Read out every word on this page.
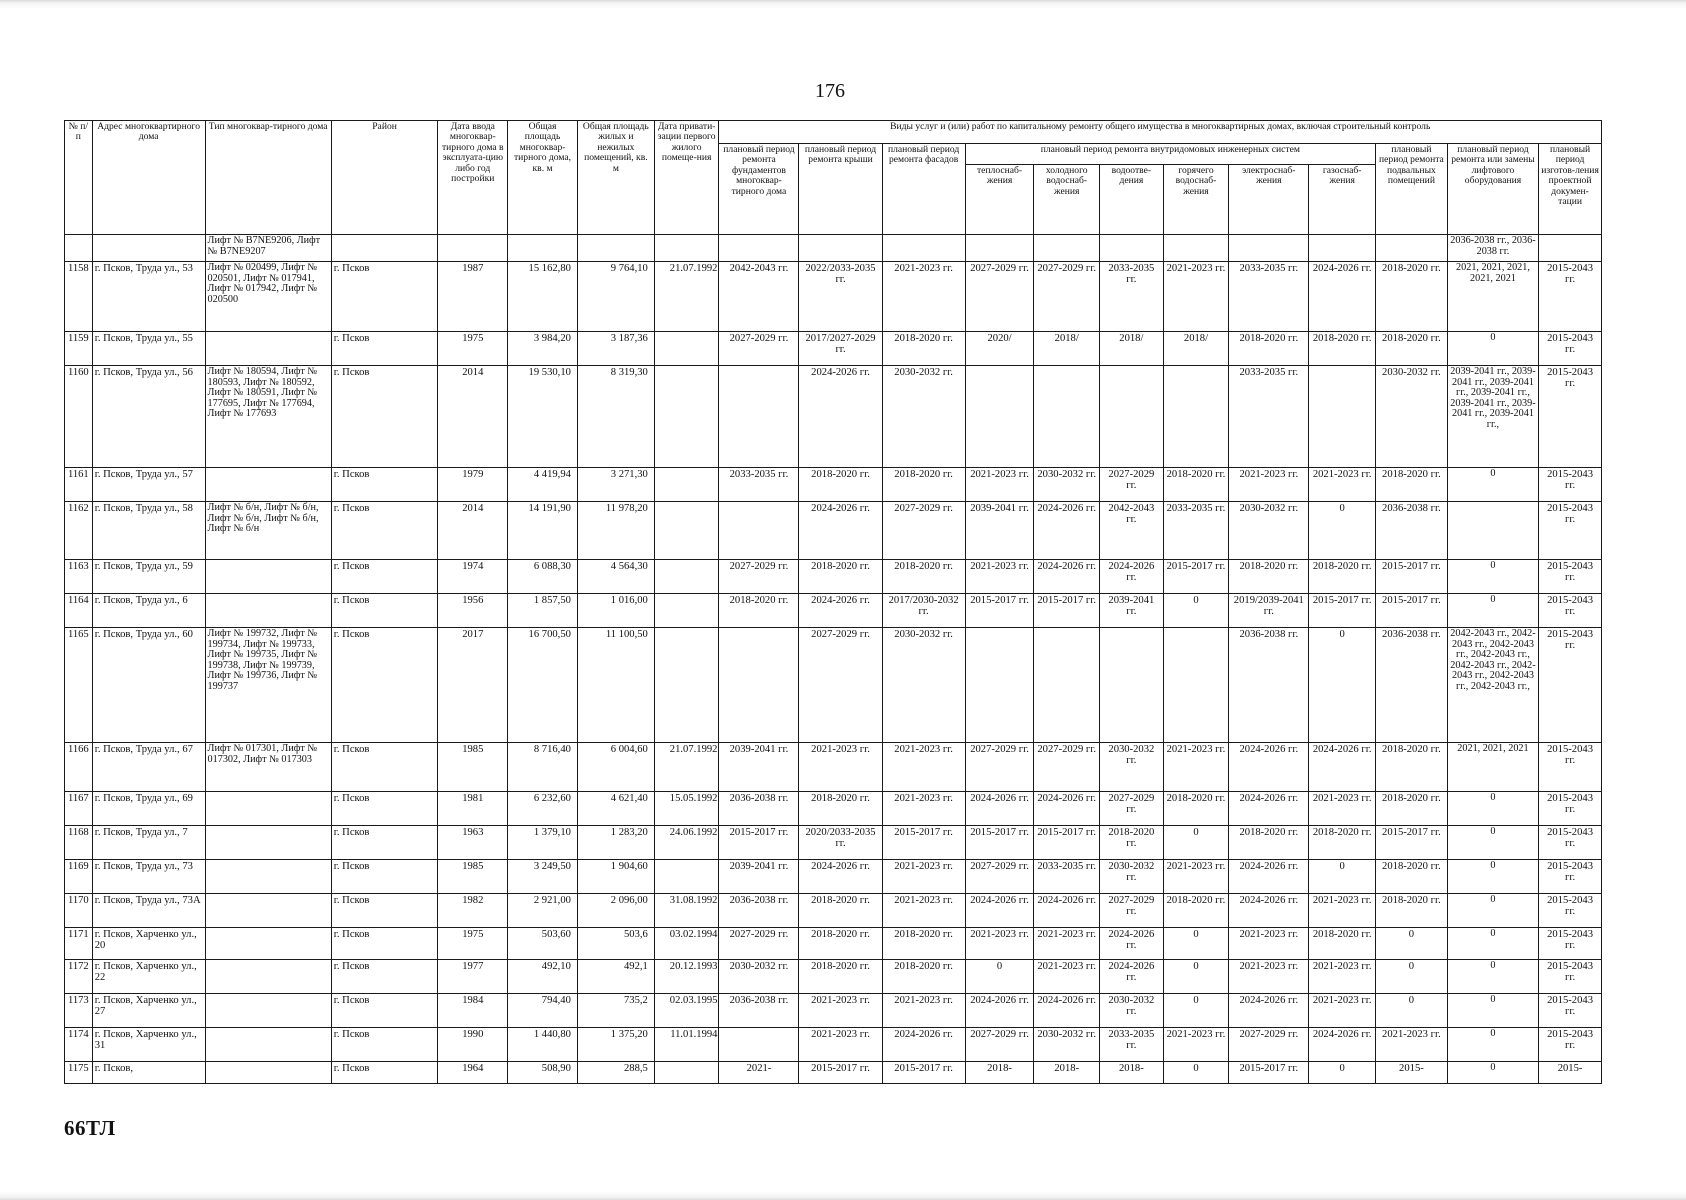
176
№ п/п	Адрес многоквартирного дома	Тип многоквар-тирного дома	Район	Дата ввода многоквар-тирного дома в эксплуата-цию либо год постройки	Общая площадь многоквар-тирного дома, кв. м	Общая площадь жилых и нежилых помещений, кв. м	Дата привати-зации первого жилого помеще-ния	Виды услуг и (или) работ по капитальному ремонту общего имущества в многоквартирных домах, включая строительный контроль											
								плановый период ремонта фундаментов многоквар-тирного дома	плановый период ремонта крыши	плановый период ремонта фасадов	плановый период ремонта внутридомовых инженерных систем						плановый период ремонта подвальных помещений	плановый период ремонта или замены лифтового оборудования	плановый период изготов-ления проектной докумен-тации
											теплоснаб-жения	холодного водоснаб-жения	водоотве-дения	горячего водоснаб-жения	электроснаб-жения	газоснаб-жения			
		Лифт № B7NE9206, Лифт № B7NE9207																2036-2038 гг., 2036-2038 гг.	
1158	г. Псков, Труда ул., 53	Лифт № 020499, Лифт № 020501, Лифт № 017941, Лифт № 017942, Лифт № 020500	г. Псков	1987	15 162,80	9 764,10	21.07.1992	2042-2043 гг.	2022/2033-2035 гг.	2021-2023 гг.	2027-2029 гг.	2027-2029 гг.	2033-2035 гг.	2021-2023 гг.	2033-2035 гг.	2024-2026 гг.	2018-2020 гг.	2021, 2021, 2021, 2021, 2021	2015-2043 гг.
1159	г. Псков, Труда ул., 55		г. Псков	1975	3 984,20	3 187,36		2027-2029 гг.	2017/2027-2029 гг.	2018-2020 гг.	2020/	2018/	2018/	2018/	2018-2020 гг.	2018-2020 гг.	2018-2020 гг.	0	2015-2043 гг.
1160	г. Псков, Труда ул., 56	Лифт № 180594, Лифт № 180593, Лифт № 180592, Лифт № 180591, Лифт № 177695, Лифт № 177694, Лифт № 177693	г. Псков	2014	19 530,10	8 319,30			2024-2026 гг.	2030-2032 гг.					2033-2035 гг.		2030-2032 гг.	2039-2041 гг., 2039-2041 гг., 2039-2041 гг., 2039-2041 гг., 2039-2041 гг., 2039-2041 гг., 2039-2041 гг.,	2015-2043 гг.
1161	г. Псков, Труда ул., 57		г. Псков	1979	4 419,94	3 271,30		2033-2035 гг.	2018-2020 гг.	2018-2020 гг.	2021-2023 гг.	2030-2032 гг.	2027-2029 гг.	2018-2020 гг.	2021-2023 гг.	2021-2023 гг.	2018-2020 гг.	0	2015-2043 гг.
1162	г. Псков, Труда ул., 58	Лифт № б/н, Лифт № б/н, Лифт № б/н, Лифт № б/н, Лифт № б/н	г. Псков	2014	14 191,90	11 978,20			2024-2026 гг.	2027-2029 гг.	2039-2041 гг.	2024-2026 гг.	2042-2043 гг.	2033-2035 гг.	2030-2032 гг.	0	2036-2038 гг.		2015-2043 гг.
1163	г. Псков, Труда ул., 59		г. Псков	1974	6 088,30	4 564,30		2027-2029 гг.	2018-2020 гг.	2018-2020 гг.	2021-2023 гг.	2024-2026 гг.	2024-2026 гг.	2015-2017 гг.	2018-2020 гг.	2018-2020 гг.	2015-2017 гг.	0	2015-2043 гг.
1164	г. Псков, Труда ул., 6		г. Псков	1956	1 857,50	1 016,00		2018-2020 гг.	2024-2026 гг.	2017/2030-2032 гг.	2015-2017 гг.	2015-2017 гг.	2039-2041 гг.	0	2019/2039-2041 гг.	2015-2017 гг.	2015-2017 гг.	0	2015-2043 гг.
1165	г. Псков, Труда ул., 60	Лифт № 199732, Лифт № 199734, Лифт № 199733, Лифт № 199735, Лифт № 199738, Лифт № 199739, Лифт № 199736, Лифт № 199737	г. Псков	2017	16 700,50	11 100,50			2027-2029 гг.	2030-2032 гг.					2036-2038 гг.	0	2036-2038 гг.	2042-2043 гг., 2042-2043 гг., 2042-2043 гг., 2042-2043 гг., 2042-2043 гг., 2042-2043 гг., 2042-2043 гг., 2042-2043 гг.,	2015-2043 гг.
1166	г. Псков, Труда ул., 67	Лифт № 017301, Лифт № 017302, Лифт № 017303	г. Псков	1985	8 716,40	6 004,60	21.07.1992	2039-2041 гг.	2021-2023 гг.	2021-2023 гг.	2027-2029 гг.	2027-2029 гг.	2030-2032 гг.	2021-2023 гг.	2024-2026 гг.	2024-2026 гг.	2018-2020 гг.	2021, 2021, 2021	2015-2043 гг.
1167	г. Псков, Труда ул., 69		г. Псков	1981	6 232,60	4 621,40	15.05.1992	2036-2038 гг.	2018-2020 гг.	2021-2023 гг.	2024-2026 гг.	2024-2026 гг.	2027-2029 гг.	2018-2020 гг.	2024-2026 гг.	2021-2023 гг.	2018-2020 гг.	0	2015-2043 гг.
1168	г. Псков, Труда ул., 7		г. Псков	1963	1 379,10	1 283,20	24.06.1992	2015-2017 гг.	2020/2033-2035 гг.	2015-2017 гг.	2015-2017 гг.	2015-2017 гг.	2018-2020 гг.	0	2018-2020 гг.	2018-2020 гг.	2015-2017 гг.	0	2015-2043 гг.
1169	г. Псков, Труда ул., 73		г. Псков	1985	3 249,50	1 904,60		2039-2041 гг.	2024-2026 гг.	2021-2023 гг.	2027-2029 гг.	2033-2035 гг.	2030-2032 гг.	2021-2023 гг.	2024-2026 гг.	0	2018-2020 гг.	0	2015-2043 гг.
1170	г. Псков, Труда ул., 73А		г. Псков	1982	2 921,00	2 096,00	31.08.1992	2036-2038 гг.	2018-2020 гг.	2021-2023 гг.	2024-2026 гг.	2024-2026 гг.	2027-2029 гг.	2018-2020 гг.	2024-2026 гг.	2021-2023 гг.	2018-2020 гг.	0	2015-2043 гг.
1171	г. Псков, Харченко ул., 20		г. Псков	1975	503,60	503,6	03.02.1994	2027-2029 гг.	2018-2020 гг.	2018-2020 гг.	2021-2023 гг.	2021-2023 гг.	2024-2026 гг.	0	2021-2023 гг.	2018-2020 гг.	0	0	2015-2043 гг.
1172	г. Псков, Харченко ул., 22		г. Псков	1977	492,10	492,1	20.12.1993	2030-2032 гг.	2018-2020 гг.	2018-2020 гг.	0	2021-2023 гг.	2024-2026 гг.	0	2021-2023 гг.	2021-2023 гг.	0	0	2015-2043 гг.
1173	г. Псков, Харченко ул., 27		г. Псков	1984	794,40	735,2	02.03.1995	2036-2038 гг.	2021-2023 гг.	2021-2023 гг.	2024-2026 гг.	2024-2026 гг.	2030-2032 гг.	0	2024-2026 гг.	2021-2023 гг.	0	0	2015-2043 гг.
1174	г. Псков, Харченко ул., 31		г. Псков	1990	1 440,80	1 375,20	11.01.1994		2021-2023 гг.	2024-2026 гг.	2027-2029 гг.	2030-2032 гг.	2033-2035 гг.	2021-2023 гг.	2027-2029 гг.	2024-2026 гг.	2021-2023 гг.	0	2015-2043 гг.
1175	г. Псков,		г. Псков	1964	508,90	288,5		2021-	2015-2017 гг.	2015-2017 гг.	2018-	2018-	2018-	0	2015-2017 гг.	0	2015-	0	2015-
66ТЛ
